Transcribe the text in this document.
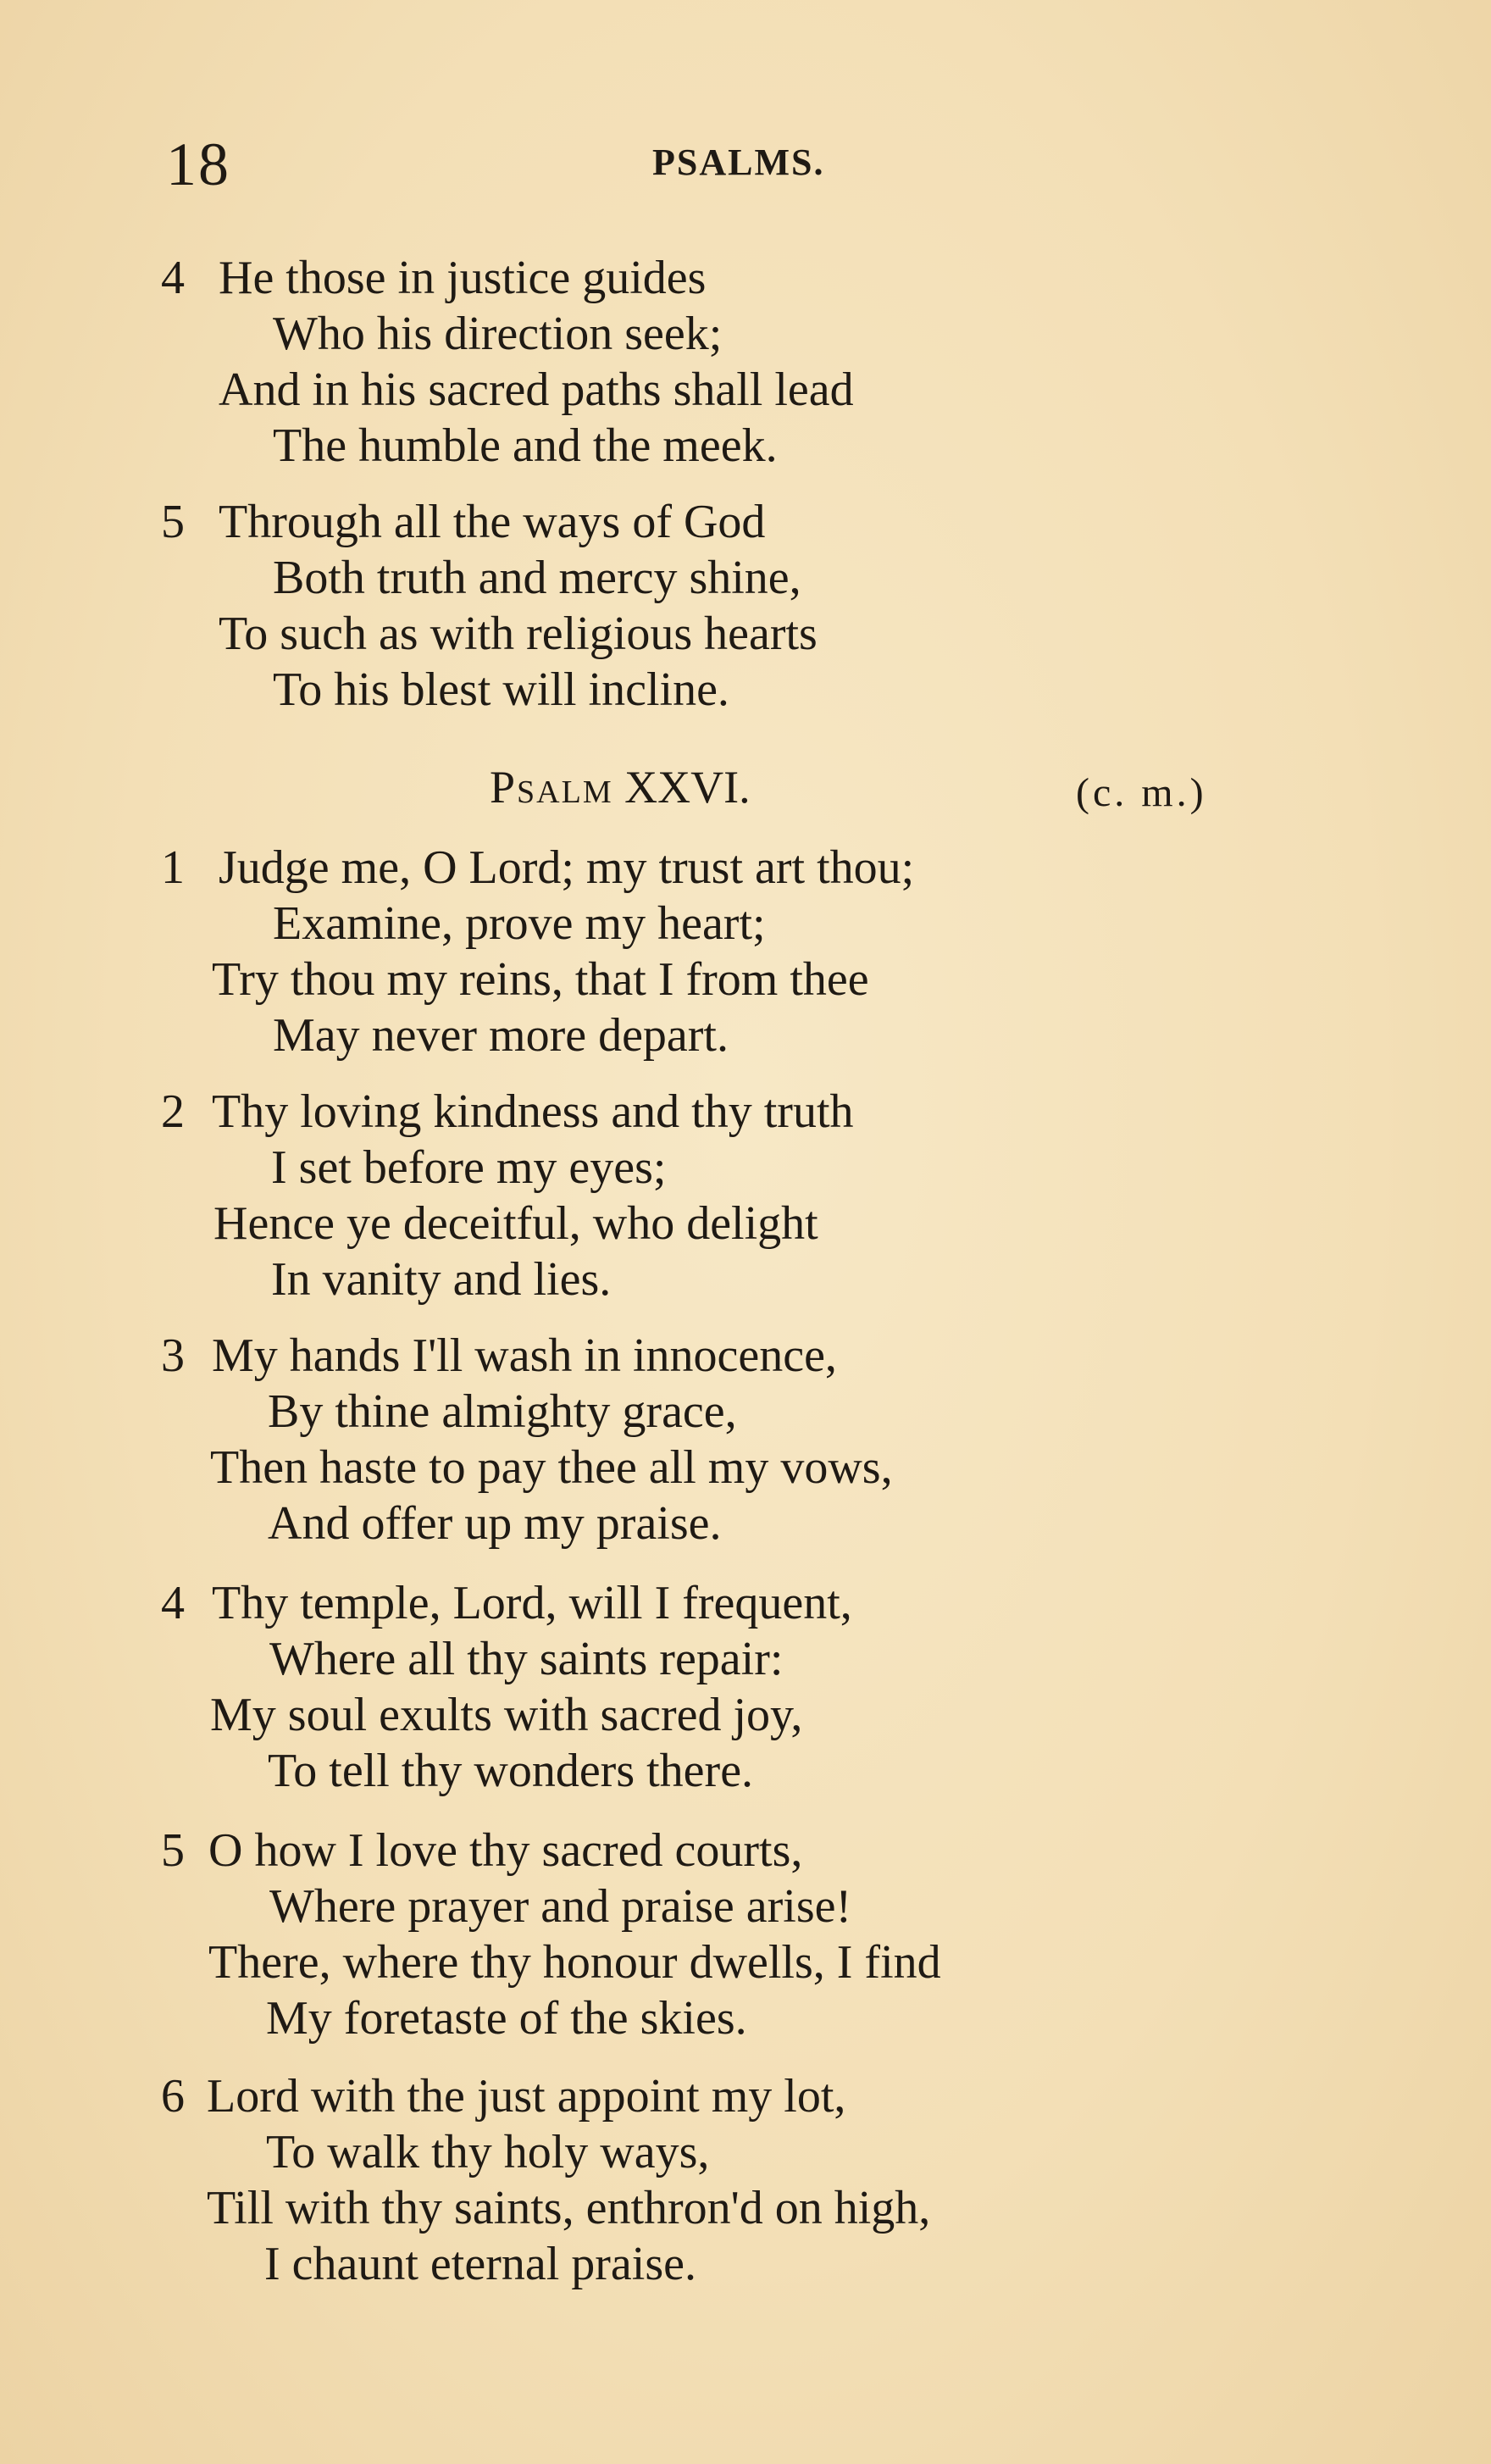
18	PSALMS.
4 He those in justice guides
Who his direction seek;
And in his sacred paths shall lead
The humble and the meek.
5 Through all the ways of God
Both truth and mercy shine,
To such as with religious hearts
To his blest will incline.
Psalm XXVI.	(c. m.)
1 Judge me, O Lord; my trust art thou;
Examine, prove my heart;
Try thou my reins, that I from thee
May never more depart.
2 Thy loving kindness and thy truth
I set before my eyes;
Hence ye deceitful, who delight
In vanity and lies.
3 My hands I'll wash in innocence,
By thine almighty grace,
Then haste to pay thee all my vows,
And offer up my praise.
4 Thy temple, Lord, will I frequent,
Where all thy saints repair:
My soul exults with sacred joy,
To tell thy wonders there.
5 O how I love thy sacred courts,
Where prayer and praise arise!
There, where thy honour dwells, I find
My foretaste of the skies.
6 Lord with the just appoint my lot,
To walk thy holy ways,
Till with thy saints, enthron'd on high,
I chaunt eternal praise.
